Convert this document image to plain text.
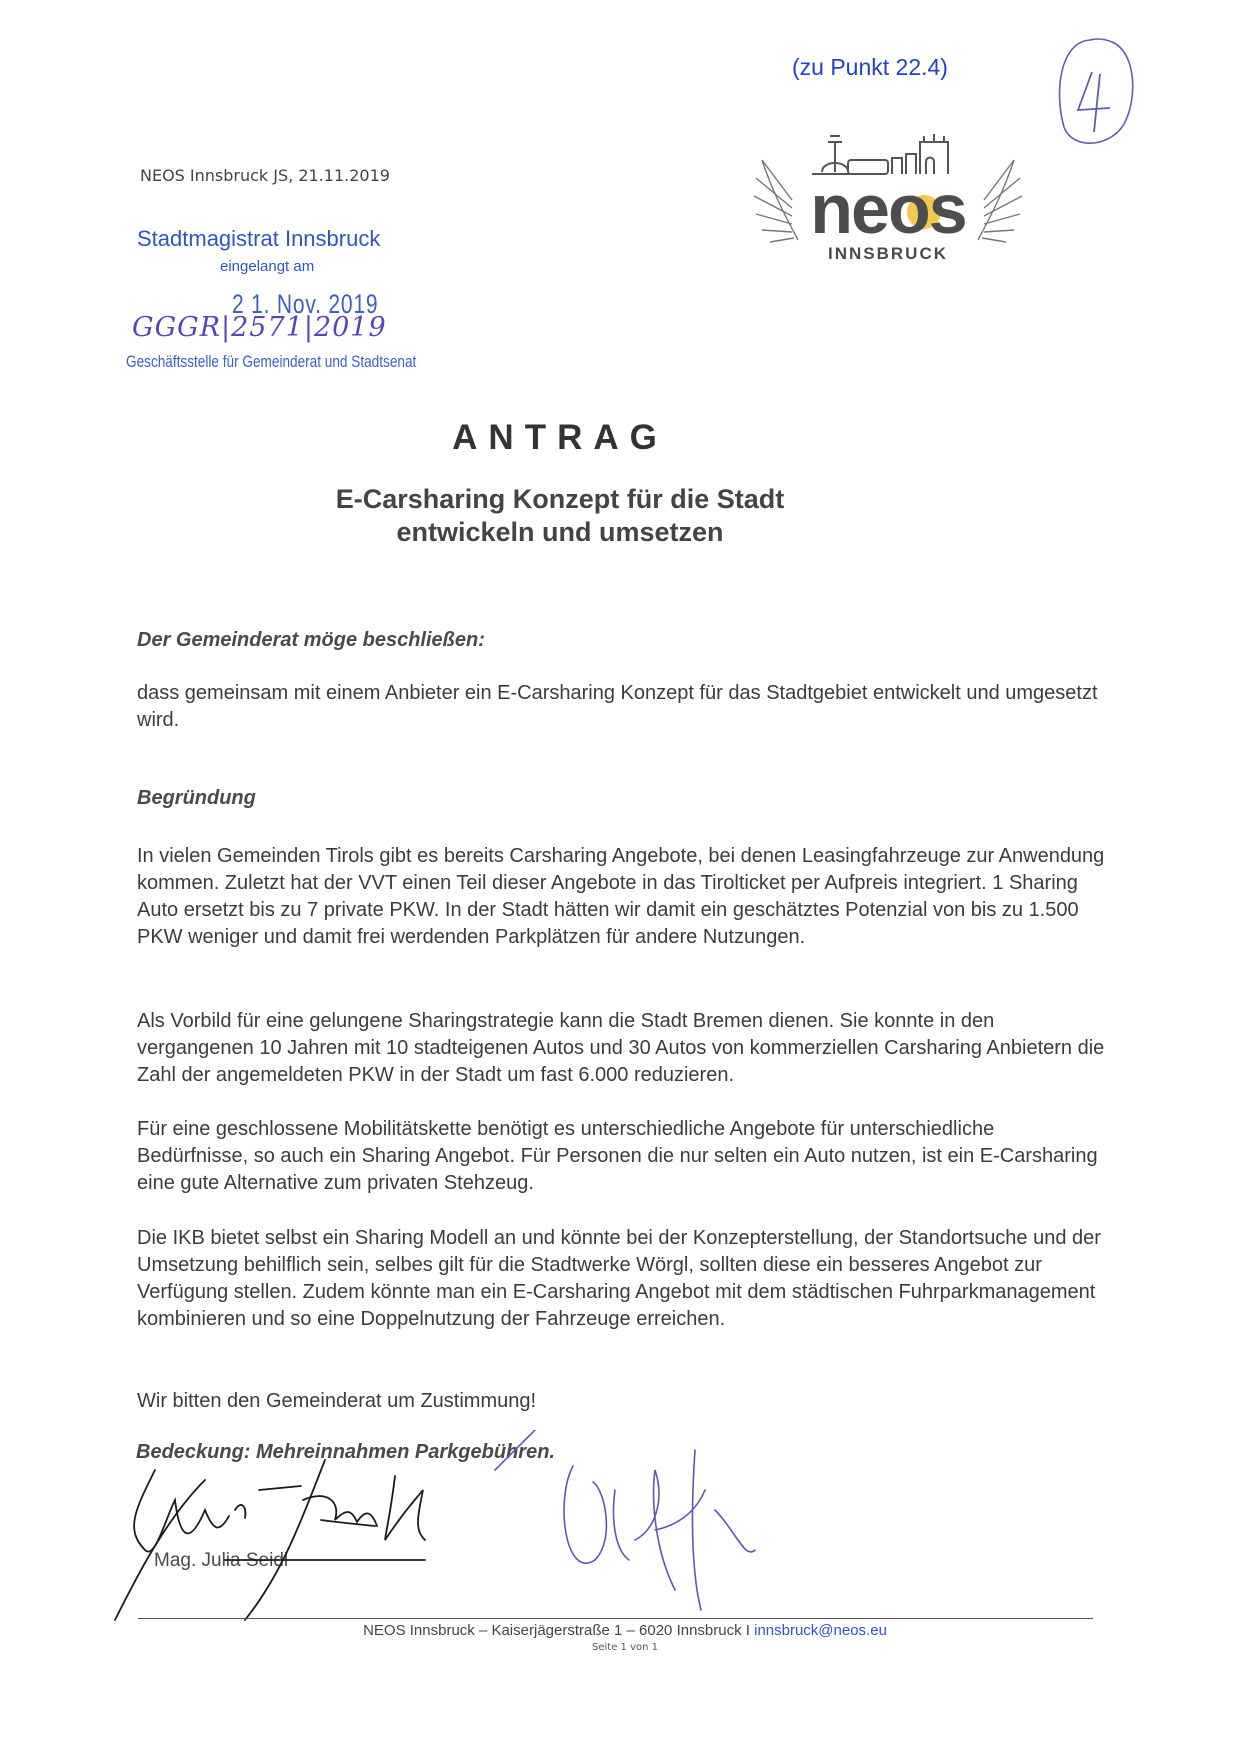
(zu Punkt 22.4)
NEOS Innsbruck JS, 21.11.2019
Stadtmagistrat Innsbruck
eingelangt am
2 1. Nov. 2019
GGGR|2571|2019
Geschäftsstelle für Gemeinderat und Stadtsenat
neos
INNSBRUCK
ANTRAG
E-Carsharing Konzept für die Stadt
entwickeln und umsetzen
Der Gemeinderat möge beschließen:
dass gemeinsam mit einem Anbieter ein E-Carsharing Konzept für das Stadtgebiet entwickelt und umgesetzt wird.
Begründung
In vielen Gemeinden Tirols gibt es bereits Carsharing Angebote, bei denen Leasingfahrzeuge zur Anwendung kommen. Zuletzt hat der VVT einen Teil dieser Angebote in das Tirolticket per Aufpreis integriert. 1 Sharing Auto ersetzt bis zu 7 private PKW. In der Stadt hätten wir damit ein geschätztes Potenzial von bis zu 1.500 PKW weniger und damit frei werdenden Parkplätzen für andere Nutzungen.
Als Vorbild für eine gelungene Sharingstrategie kann die Stadt Bremen dienen. Sie konnte in den vergangenen 10 Jahren mit 10 stadteigenen Autos und 30 Autos von kommerziellen Carsharing Anbietern die Zahl der angemeldeten PKW in der Stadt um fast 6.000 reduzieren.
Für eine geschlossene Mobilitätskette benötigt es unterschiedliche Angebote für unterschiedliche Bedürfnisse, so auch ein Sharing Angebot. Für Personen die nur selten ein Auto nutzen, ist ein E-Carsharing eine gute Alternative zum privaten Stehzeug.
Die IKB bietet selbst ein Sharing Modell an und könnte bei der Konzepterstellung, der Standortsuche und der Umsetzung behilflich sein, selbes gilt für die Stadtwerke Wörgl, sollten diese ein besseres Angebot zur Verfügung stellen. Zudem könnte man ein E-Carsharing Angebot mit dem städtischen Fuhrparkmanagement kombinieren und so eine Doppelnutzung der Fahrzeuge erreichen.
Wir bitten den Gemeinderat um Zustimmung!
Bedeckung: Mehreinnahmen Parkgebühren.
Mag. Julia Seidl
NEOS Innsbruck – Kaiserjägerstraße 1 – 6020 Innsbruck I innsbruck@neos.eu
Seite 1 von 1
